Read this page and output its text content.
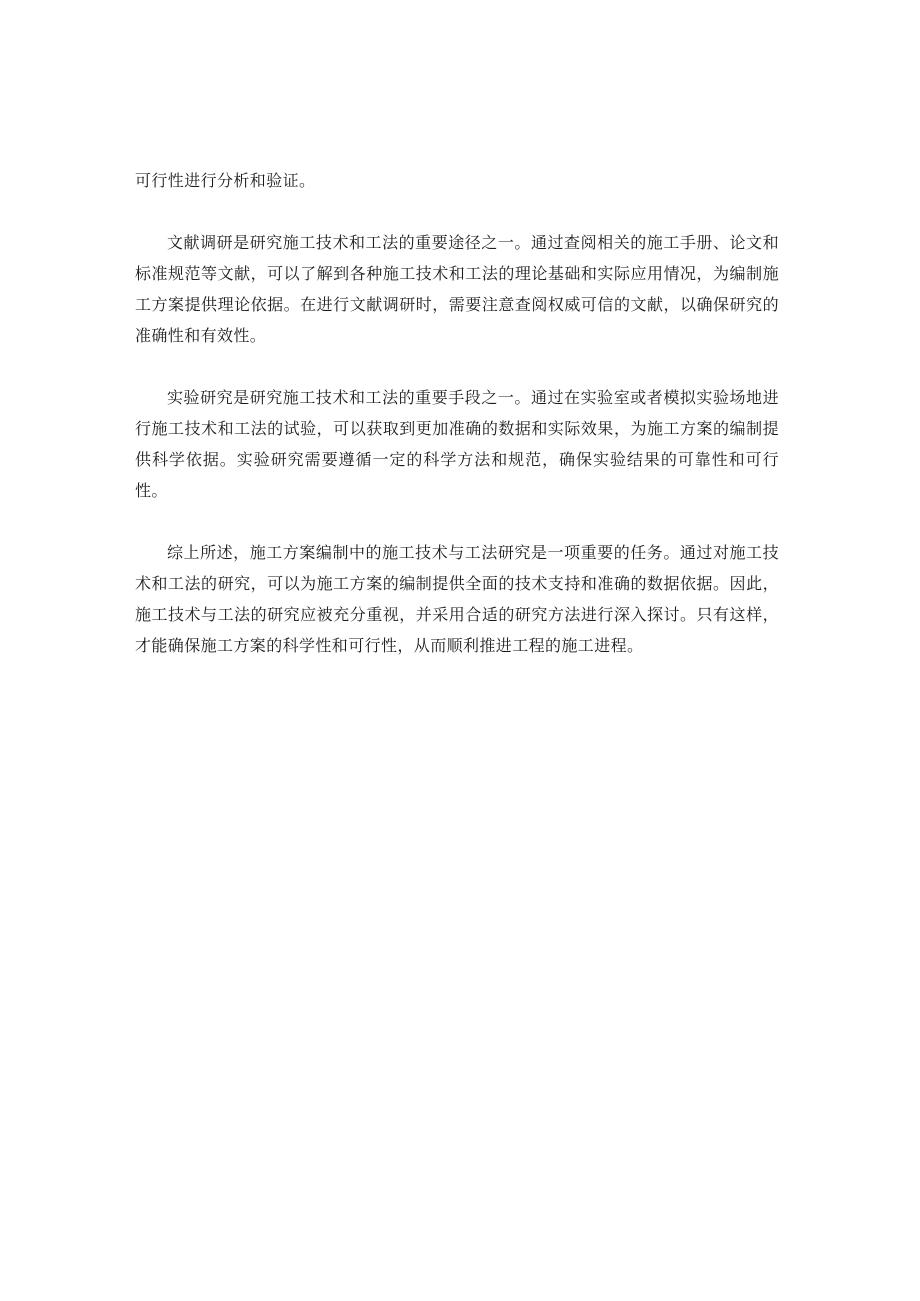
可行性进行分析和验证。

文献调研是研究施工技术和工法的重要途径之一。通过查阅相关的施工手册、论文和标准规范等文献，可以了解到各种施工技术和工法的理论基础和实际应用情况，为编制施工方案提供理论依据。在进行文献调研时，需要注意查阅权威可信的文献，以确保研究的准确性和有效性。

实验研究是研究施工技术和工法的重要手段之一。通过在实验室或者模拟实验场地进行施工技术和工法的试验，可以获取到更加准确的数据和实际效果，为施工方案的编制提供科学依据。实验研究需要遵循一定的科学方法和规范，确保实验结果的可靠性和可行性。

综上所述，施工方案编制中的施工技术与工法研究是一项重要的任务。通过对施工技术和工法的研究，可以为施工方案的编制提供全面的技术支持和准确的数据依据。因此，施工技术与工法的研究应被充分重视，并采用合适的研究方法进行深入探讨。只有这样，才能确保施工方案的科学性和可行性，从而顺利推进工程的施工进程。
